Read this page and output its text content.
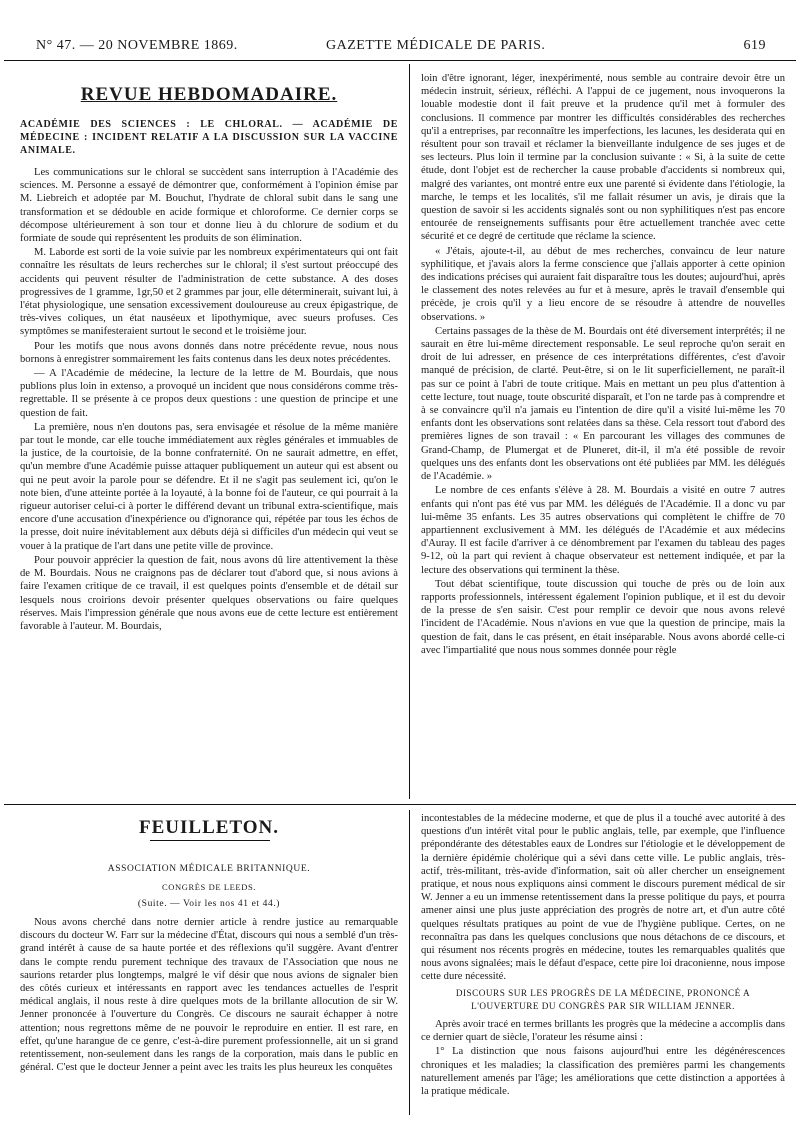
N° 47. — 20 NOVEMBRE 1869.	GAZETTE MÉDICALE DE PARIS.	619
REVUE HEBDOMADAIRE.
ACADÉMIE DES SCIENCES : LE CHLORAL. — ACADÉMIE DE MÉDECINE : INCIDENT RELATIF A LA DISCUSSION SUR LA VACCINE ANIMALE.

Les communications sur le chloral se succèdent sans interruption à l'Académie des sciences. M. Personne a essayé de démontrer que, conformément à l'opinion émise par M. Liebreich et adoptée par M. Bouchut, l'hydrate de chloral subit dans le sang une transformation et se dédouble en acide formique et chloroforme. Ce dernier corps se décompose ultérieurement à son tour et donne lieu à du chlorure de sodium et du formiate de soude qui représentent les produits de son élimination.

M. Laborde est sorti de la voie suivie par les nombreux expérimentateurs qui ont fait connaître les résultats de leurs recherches sur le chloral; il s'est surtout préoccupé des accidents qui peuvent résulter de l'administration de cette substance. A des doses progressives de 1 gramme, 1gr,50 et 2 grammes par jour, elle déterminerait, suivant lui, à l'état physiologique, une sensation excessivement douloureuse au creux épigastrique, de très-vives coliques, un état nauséeux et lipothymique, avec sueurs profuses. Ces symptômes se manifesteraient surtout le second et le troisième jour.

Pour les motifs que nous avons donnés dans notre précédente revue, nous nous bornons à enregistrer sommairement les faits contenus dans les deux notes précédentes.

— A l'Académie de médecine, la lecture de la lettre de M. Bourdais, que nous publions plus loin in extenso, a provoqué un incident que nous considérons comme très-regrettable. Il se présente à ce propos deux questions : une question de principe et une question de fait.

La première, nous n'en doutons pas, sera envisagée et résolue de la même manière par tout le monde, car elle touche immédiatement aux règles générales et immuables de la justice, de la courtoisie, de la bonne confraternité. On ne saurait admettre, en effet, qu'un membre d'une Académie puisse attaquer publiquement un auteur qui est absent ou qui ne peut avoir la parole pour se défendre. Et il ne s'agit pas seulement ici, qu'on le note bien, d'une atteinte portée à la loyauté, à la bonne foi de l'auteur, ce qui pourrait à la rigueur autoriser celui-ci à porter le différend devant un tribunal extra-scientifique, mais encore d'une accusation d'inexpérience ou d'ignorance qui, répétée par tous les échos de la presse, doit nuire inévitablement aux débuts déjà si difficiles d'un médecin qui veut se vouer à la pratique de l'art dans une petite ville de province.

Pour pouvoir apprécier la question de fait, nous avons dû lire attentivement la thèse de M. Bourdais. Nous ne craignons pas de déclarer tout d'abord que, si nous avions à faire l'examen critique de ce travail, il est quelques points d'ensemble et de détail sur lesquels nous croirions devoir présenter quelques observations ou faire quelques réserves. Mais l'impression générale que nous avons eue de cette lecture est entièrement favorable à l'auteur. M. Bourdais,

loin d'être ignorant, léger, inexpérimenté, nous semble au contraire devoir être un médecin instruit, sérieux, réfléchi. A l'appui de ce jugement, nous invoquerons la louable modestie dont il fait preuve et la prudence qu'il met à formuler des conclusions. Il commence par montrer les difficultés considérables des recherches qu'il a entreprises, par reconnaître les imperfections, les lacunes, les desiderata qui en résultent pour son travail et réclamer la bienveillante indulgence de ses juges et de ses lecteurs. Plus loin il termine par la conclusion suivante : « Si, à la suite de cette étude, dont l'objet est de rechercher la cause probable d'accidents si nombreux qui, malgré des variantes, ont montré entre eux une parenté si évidente dans l'étiologie, la marche, le temps et les localités, s'il me fallait résumer un avis, je dirais que la question de savoir si les accidents signalés sont ou non syphilitiques n'est pas encore entourée de renseignements suffisants pour être actuellement tranchée avec cette sécurité et ce degré de certitude que réclame la science.

« J'étais, ajoute-t-il, au début de mes recherches, convaincu de leur nature syphilitique, et j'avais alors la ferme conscience que j'allais apporter à cette opinion des indications précises qui auraient fait disparaître tous les doutes; aujourd'hui, après le classement des notes relevées au fur et à mesure, après le travail d'ensemble qui précède, je crois qu'il y a lieu encore de se résoudre à attendre de nouvelles observations. »

Certains passages de la thèse de M. Bourdais ont été diversement interprétés; il ne saurait en être lui-même directement responsable. Le seul reproche qu'on serait en droit de lui adresser, en présence de ces interprétations différentes, c'est d'avoir manqué de précision, de clarté. Peut-être, si on le lit superficiellement, ne paraît-il pas sur ce point à l'abri de toute critique. Mais en mettant un peu plus d'attention à cette lecture, tout nuage, toute obscurité disparaît, et l'on ne tarde pas à comprendre et à se convaincre qu'il n'a jamais eu l'intention de dire qu'il a visité lui-même les 70 enfants dont les observations sont relatées dans sa thèse. Cela ressort tout d'abord des premières lignes de son travail : « En parcourant les villages des communes de Grand-Champ, de Plumergat et de Pluneret, dit-il, il m'a été possible de revoir quelques uns des enfants dont les observations ont été publiées par MM. les délégués de l'Académie. »

Le nombre de ces enfants s'élève à 28. M. Bourdais a visité en outre 7 autres enfants qui n'ont pas été vus par MM. les délégués de l'Académie. Il a donc vu par lui-même 35 enfants. Les 35 autres observations qui complètent le chiffre de 70 appartiennent exclusivement à MM. les délégués de l'Académie et aux médecins d'Auray. Il est facile d'arriver à ce dénombrement par l'examen du tableau des pages 9-12, où la part qui revient à chaque observateur est nettement indiquée, et par la lecture des observations qui terminent la thèse.

Tout débat scientifique, toute discussion qui touche de près ou de loin aux rapports professionnels, intéressent également l'opinion publique, et il est du devoir de la presse de s'en saisir. C'est pour remplir ce devoir que nous avons relevé l'incident de l'Académie. Nous n'avions en vue que la question de principe, mais la question de fait, dans le cas présent, en était inséparable. Nous avons abordé celle-ci avec l'impartialité que nous nous sommes donnée pour règle

FEUILLETON.
ASSOCIATION MÉDICALE BRITANNIQUE.
CONGRÈS DE LEEDS.
(Suite. — Voir les nos 41 et 44.)

Nous avons cherché dans notre dernier article à rendre justice au remarquable discours du docteur W. Farr sur la médecine d'État, discours qui nous a semblé d'un très-grand intérêt à cause de sa haute portée et des réflexions qu'il suggère. Avant d'entrer dans le compte rendu purement technique des travaux de l'Association que nous ne saurions retarder plus longtemps, malgré le vif désir que nous avions de signaler bien des côtés curieux et intéressants en rapport avec les tendances actuelles de l'esprit médical anglais, il nous reste à dire quelques mots de la brillante allocution de sir W. Jenner prononcée à l'ouverture du Congrès. Ce discours ne saurait échapper à notre attention; nous regrettons même de ne pouvoir le reproduire en entier. Il est rare, en effet, qu'une harangue de ce genre, c'est-à-dire purement professionnelle, ait un si grand retentissement, non-seulement dans les rangs de la corporation, mais dans le public en général. C'est que le docteur Jenner a peint avec les traits les plus heureux les conquêtes

incontestables de la médecine moderne, et que de plus il a touché avec autorité à des questions d'un intérêt vital pour le public anglais, telle, par exemple, que l'influence prépondérante des détestables eaux de Londres sur l'étiologie et le développement de la dernière épidémie cholérique qui a sévi dans cette ville. Le public anglais, très-actif, très-militant, très-avide d'information, sait où aller chercher un enseignement pratique, et nous nous expliquons ainsi comment le discours purement médical de sir W. Jenner a eu un immense retentissement dans la presse politique du pays, et pourra amener ainsi une plus juste appréciation des progrès de notre art, et d'un autre côté quelques résultats pratiques au point de vue de l'hygiène publique. Certes, on ne reconnaîtra pas dans les quelques conclusions que nous détachons de ce discours, et qui résument nos récents progrès en médecine, toutes les remarquables qualités que nous avons signalées; mais le défaut d'espace, cette pire loi draconienne, nous impose cette dure nécessité.

DISCOURS SUR LES PROGRÈS DE LA MÉDECINE, PRONONCÉ A L'OUVERTURE DU CONGRÈS PAR SIR WILLIAM JENNER.

Après avoir tracé en termes brillants les progrès que la médecine a accomplis dans ce dernier quart de siècle, l'orateur les résume ainsi :

1° La distinction que nous faisons aujourd'hui entre les dégénérescences chroniques et les maladies; la classification des premières parmi les changements naturellement amenés par l'âge; les améliorations que cette distinction a apportées à la pratique médicale.
